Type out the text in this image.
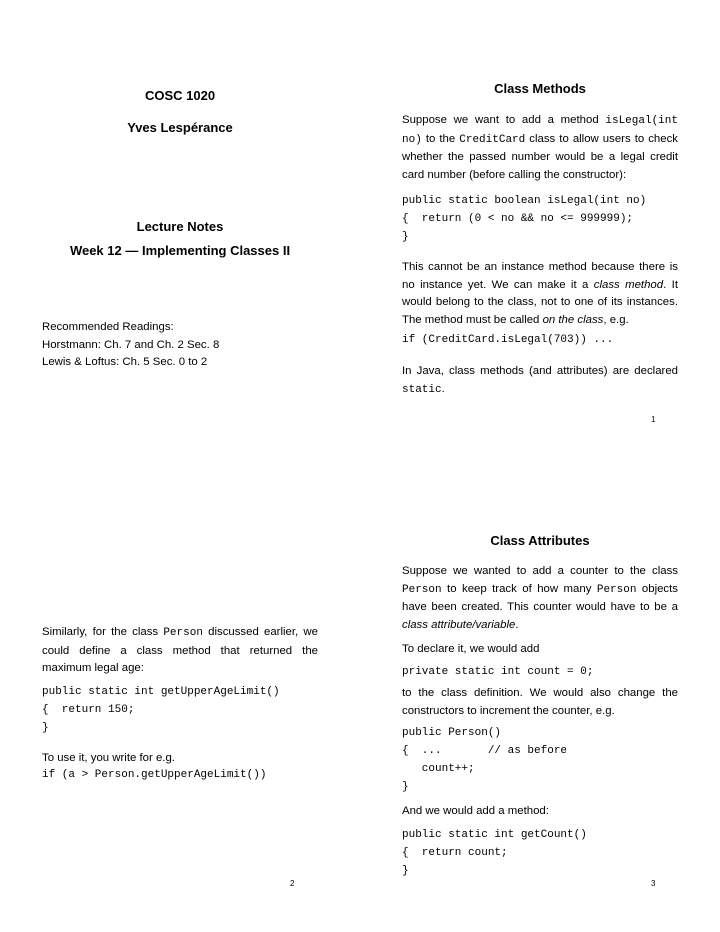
COSC 1020
Yves Lespérance
Lecture Notes
Week 12 — Implementing Classes II
Recommended Readings:
Horstmann: Ch. 7 and Ch. 2 Sec. 8
Lewis & Loftus: Ch. 5 Sec. 0 to 2
Class Methods
Suppose we want to add a method isLegal(int no) to the CreditCard class to allow users to check whether the passed number would be a legal credit card number (before calling the constructor):
public static boolean isLegal(int no)
{  return (0 < no && no <= 999999);
}
This cannot be an instance method because there is no instance yet. We can make it a class method. It would belong to the class, not to one of its instances. The method must be called on the class, e.g.
if (CreditCard.isLegal(703)) ...
In Java, class methods (and attributes) are declared static.
1
Similarly, for the class Person discussed earlier, we could define a class method that returned the maximum legal age:
public static int getUpperAgeLimit()
{  return 150;
}
To use it, you write for e.g.
if (a > Person.getUpperAgeLimit())
2
Class Attributes
Suppose we wanted to add a counter to the class Person to keep track of how many Person objects have been created. This counter would have to be a class attribute/variable.
To declare it, we would add
private static int count = 0;
to the class definition. We would also change the constructors to increment the counter, e.g.
public Person()
{  ...       // as before
count++;
}
And we would add a method:
public static int getCount()
{  return count;
}
3
